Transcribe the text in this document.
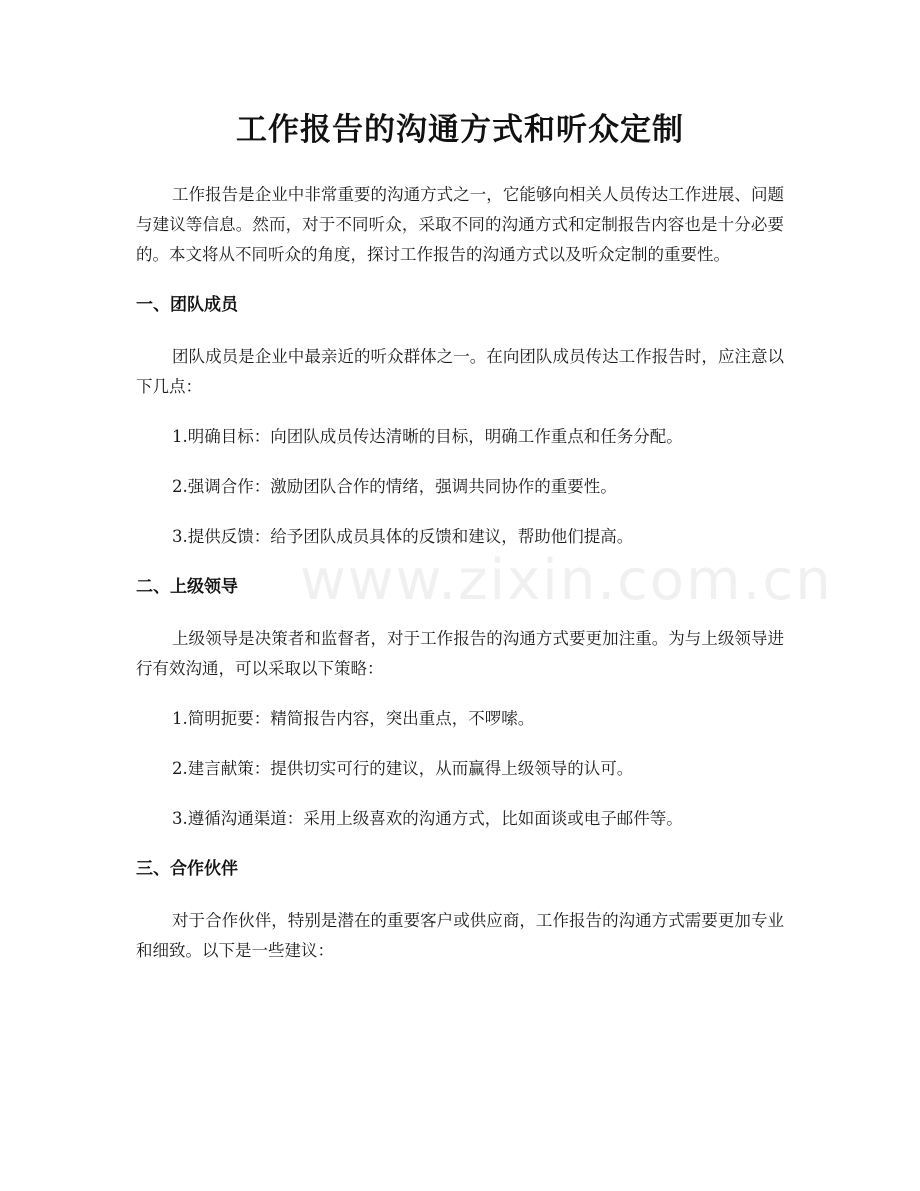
www.zixin.com.cn
工作报告的沟通方式和听众定制

工作报告是企业中非常重要的沟通方式之一，它能够向相关人员传达工作进展、问题与建议等信息。然而，对于不同听众，采取不同的沟通方式和定制报告内容也是十分必要的。本文将从不同听众的角度，探讨工作报告的沟通方式以及听众定制的重要性。

一、团队成员

团队成员是企业中最亲近的听众群体之一。在向团队成员传达工作报告时，应注意以下几点：

1.明确目标：向团队成员传达清晰的目标，明确工作重点和任务分配。

2.强调合作：激励团队合作的情绪，强调共同协作的重要性。

3.提供反馈：给予团队成员具体的反馈和建议，帮助他们提高。

二、上级领导

上级领导是决策者和监督者，对于工作报告的沟通方式要更加注重。为与上级领导进行有效沟通，可以采取以下策略：

1.简明扼要：精简报告内容，突出重点，不啰嗦。

2.建言献策：提供切实可行的建议，从而赢得上级领导的认可。

3.遵循沟通渠道：采用上级喜欢的沟通方式，比如面谈或电子邮件等。

三、合作伙伴

对于合作伙伴，特别是潜在的重要客户或供应商，工作报告的沟通方式需要更加专业和细致。以下是一些建议：
